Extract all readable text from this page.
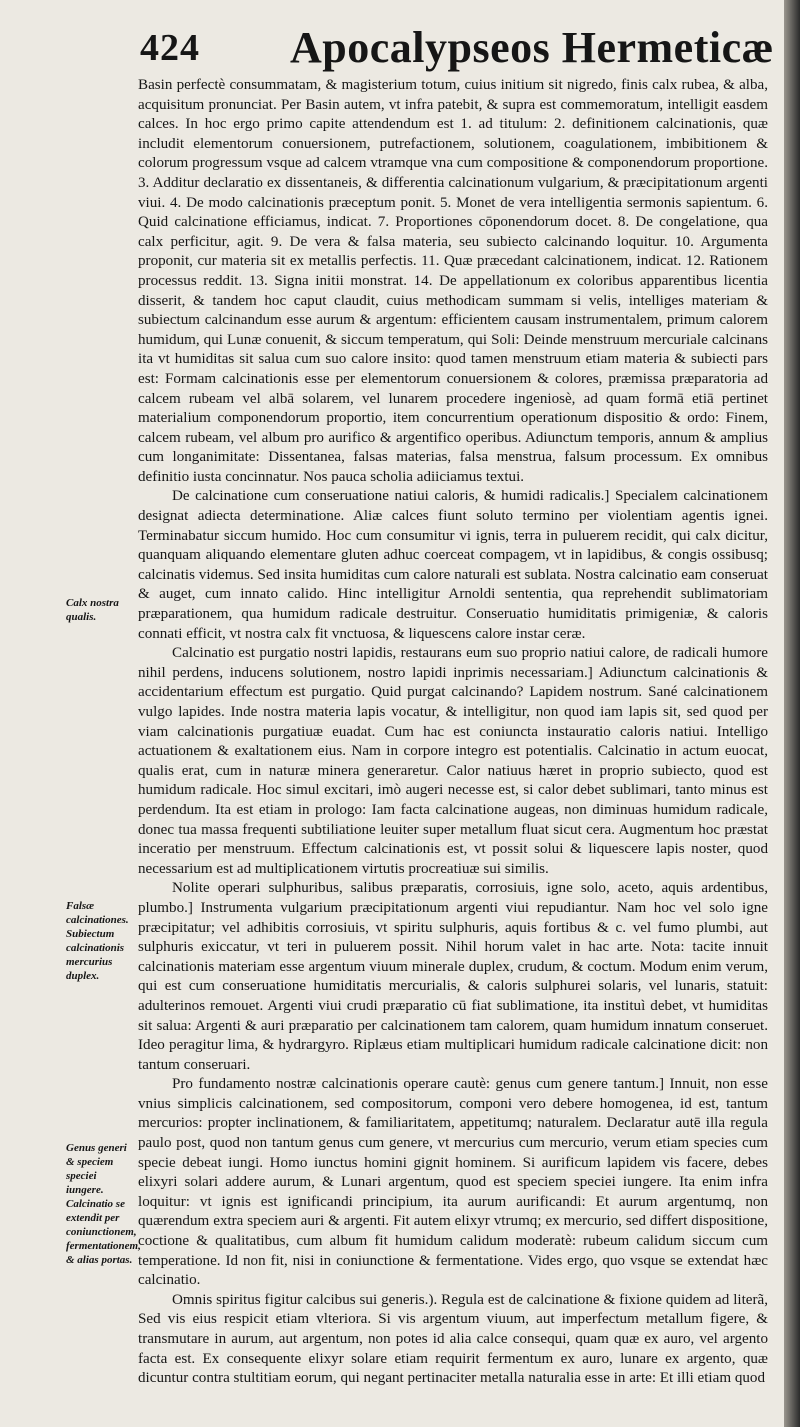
424 Apocalypseos Hermeticæ
Calx nostra qualis.
Falsæ calcinationes. Subiectum calcinationis mercurius duplex.
Genus generi & speciem speciei iungere. Calcinatio se extendit per coniunctionem, fermentationem, & alias portas.

Basin perfectè consummatam, & magisterium totum, cuius initium sit nigredo, finis calx rubea, & alba, acquisitum pronunciat. Per Basin autem, vt infra patebit, & supra est commemoratum, intelligit easdem calces. In hoc ergo primo capite attendendum est 1. ad titulum: 2. definitionem calcinationis, quæ includit elementorum conuersionem, putrefactionem, solutionem, coagulationem, imbibitionem & colorum progressum vsque ad calcem vtramque vna cum compositione & componendorum proportione. 3. Additur declaratio ex dissentaneis, & differentia calcinationum vulgarium, & præcipitationum argenti viui. 4. De modo calcinationis præceptum ponit. 5. Monet de vera intelligentia sermonis sapientum. 6. Quid calcinatione efficiamus, indicat. 7. Proportiones cōponendorum docet. 8. De congelatione, qua calx perficitur, agit. 9. De vera & falsa materia, seu subiecto calcinando loquitur. 10. Argumenta proponit, cur materia sit ex metallis perfectis. 11. Quæ præcedant calcinationem, indicat. 12. Rationem processus reddit. 13. Signa initii monstrat. 14. De appellationum ex coloribus apparentibus licentia disserit, & tandem hoc caput claudit, cuius methodicam summam si velis, intelliges materiam & subiectum calcinandum esse aurum & argentum: efficientem causam instrumentalem, primum calorem humidum, qui Lunæ conuenit, & siccum temperatum, qui Soli: Deinde menstruum mercuriale calcinans ita vt humiditas sit salua cum suo calore insito: quod tamen menstruum etiam materia & subiecti pars est: Formam calcinationis esse per elementorum conuersionem & colores, præmissa præparatoria ad calcem rubeam vel albā solarem, vel lunarem procedere ingeniosè, ad quam formā etiā pertinet materialium componendorum proportio, item concurrentium operationum dispositio & ordo: Finem, calcem rubeam, vel album pro aurifico & argentifico operibus. Adiunctum temporis, annum & amplius cum longanimitate: Dissentanea, falsas materias, falsa menstrua, falsum processum. Ex omnibus definitio iusta concinnatur. Nos pauca scholia adiiciamus textui.

De calcinatione cum conseruatione natiui caloris, & humidi radicalis.] Specialem calcinationem designat adiecta determinatione. Aliæ calces fiunt soluto termino per violentiam agentis ignei. Terminabatur siccum humido. Hoc cum consumitur vi ignis, terra in puluerem recidit, qui calx dicitur, quanquam aliquando elementare gluten adhuc coerceat compagem, vt in lapidibus, & congis ossibusq; calcinatis videmus. Sed insita humiditas cum calore naturali est sublata. Nostra calcinatio eam conseruat & auget, cum innato calido. Hinc intelligitur Arnoldi sententia, qua reprehendit sublimatoriam præparationem, qua humidum radicale destruitur. Conseruatio humiditatis primigeniæ, & caloris connati efficit, vt nostra calx fit vnctuosa, & liquescens calore instar ceræ.

Calcinatio est purgatio nostri lapidis, restaurans eum suo proprio natiui calore, de radicali humore nihil perdens, inducens solutionem, nostro lapidi inprimis necessariam.] Adiunctum calcinationis & accidentarium effectum est purgatio. Quid purgat calcinando? Lapidem nostrum. Sané calcinationem vulgo lapides. Inde nostra materia lapis vocatur, & intelligitur, non quod iam lapis sit, sed quod per viam calcinationis purgatiuæ euadat. Cum hac est coniuncta instauratio caloris natiui. Intelligo actuationem & exaltationem eius. Nam in corpore integro est potentialis. Calcinatio in actum euocat, qualis erat, cum in naturæ minera generaretur. Calor natiuus hæret in proprio subiecto, quod est humidum radicale. Hoc simul excitari, imò augeri necesse est, si calor debet sublimari, tanto minus est perdendum. Ita est etiam in prologo: Iam facta calcinatione augeas, non diminuas humidum radicale, donec tua massa frequenti subtiliatione leuiter super metallum fluat sicut cera. Augmentum hoc præstat inceratio per menstruum. Effectum calcinationis est, vt possit solui & liquescere lapis noster, quod necessarium est ad multiplicationem virtutis procreatiuæ sui similis.

Nolite operari sulphuribus, salibus præparatis, corrosiuis, igne solo, aceto, aquis ardentibus, plumbo.] Instrumenta vulgarium præcipitationum argenti viui repudiantur. Nam hoc vel solo igne præcipitatur; vel adhibitis corrosiuis, vt spiritu sulphuris, aquis fortibus & c. vel fumo plumbi, aut sulphuris exiccatur, vt teri in puluerem possit. Nihil horum valet in hac arte. Nota: tacite innuit calcinationis materiam esse argentum viuum minerale duplex, crudum, & coctum. Modum enim verum, qui est cum conseruatione humiditatis mercurialis, & caloris sulphurei solaris, vel lunaris, statuit: adulterinos remouet. Argenti viui crudi præparatio cū fiat sublimatione, ita instituì debet, vt humiditas sit salua: Argenti & auri præparatio per calcinationem tam calorem, quam humidum innatum conseruet. Ideo peragitur lima, & hydrargyro. Riplæus etiam multiplicari humidum radicale calcinatione dicit: non tantum conseruari.

Pro fundamento nostræ calcinationis operare cautè: genus cum genere tantum.] Innuit, non esse vnius simplicis calcinationem, sed compositorum, componi vero debere homogenea, id est, tantum mercurios: propter inclinationem, & familiaritatem, appetitumq; naturalem. Declaratur autē illa regula paulo post, quod non tantum genus cum genere, vt mercurius cum mercurio, verum etiam species cum specie debeat iungi. Homo iunctus homini gignit hominem. Si aurificum lapidem vis facere, debes elixyri solari addere aurum, & Lunari argentum, quod est speciem speciei iungere. Ita enim infra loquitur: vt ignis est ignificandi principium, ita aurum aurificandi: Et aurum argentumq, non quærendum extra speciem auri & argenti. Fit autem elixyr vtrumq; ex mercurio, sed differt dispositione, coctione & qualitatibus, cum album fit humidum calidum moderatè: rubeum calidum siccum cum temperatione. Id non fit, nisi in coniunctione & fermentatione. Vides ergo, quo vsque se extendat hæc calcinatio.

Omnis spiritus figitur calcibus sui generis.). Regula est de calcinatione & fixione quidem ad literã, Sed vis eius respicit etiam vlteriora. Si vis argentum viuum, aut imperfectum metallum figere, & transmutare in aurum, aut argentum, non potes id alia calce consequi, quam quæ ex auro, vel argento facta est. Ex consequente elixyr solare etiam requirit fermentum ex auro, lunare ex argento, quæ dicuntur contra stultitiam eorum, qui negant pertinaciter metalla naturalia esse in arte: Et illi etiam quod
